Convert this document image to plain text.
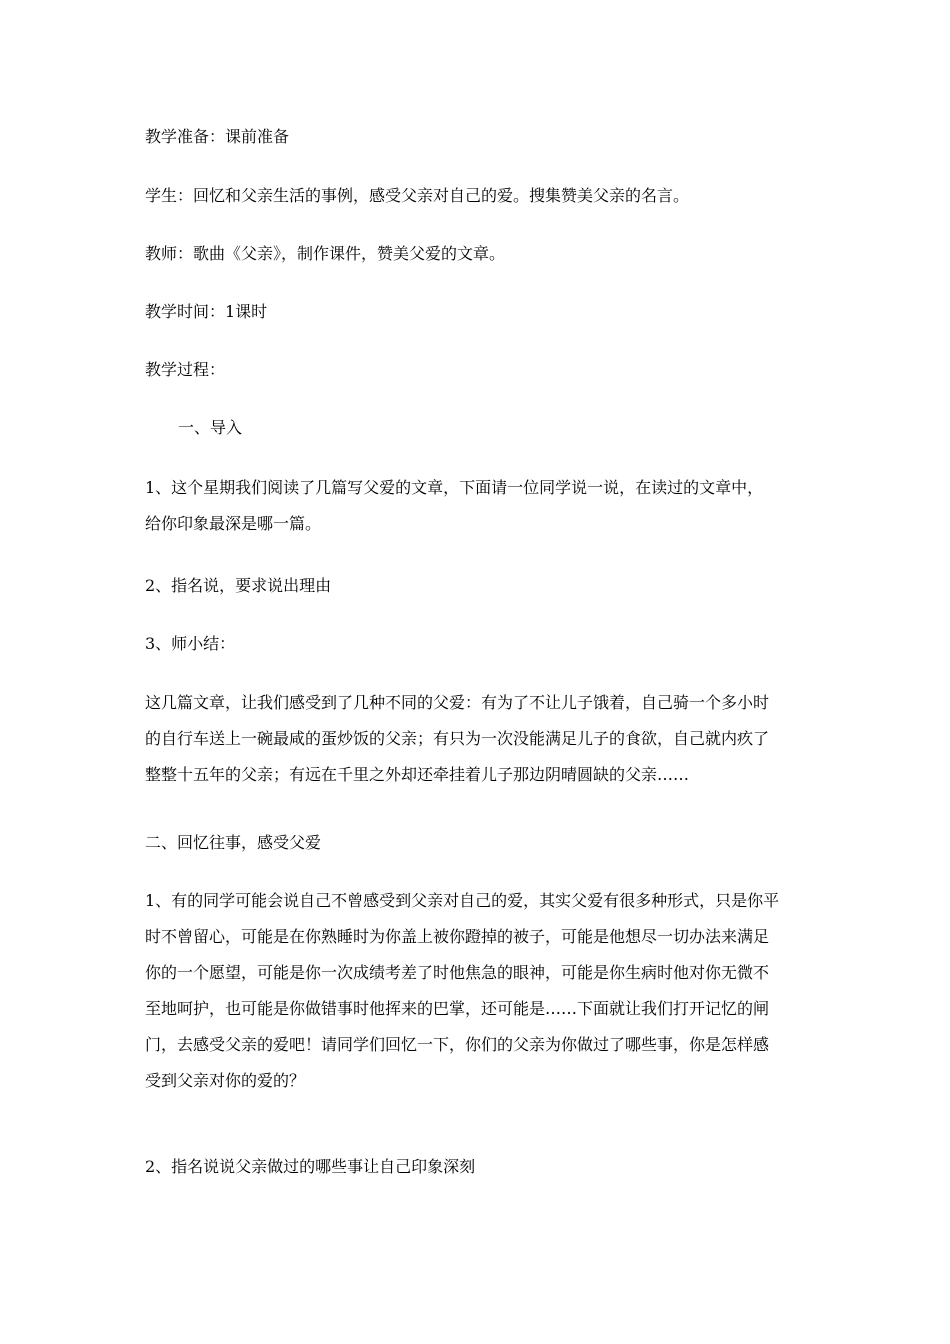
教学准备：课前准备
学生：回忆和父亲生活的事例，感受父亲对自己的爱。搜集赞美父亲的名言。
教师：歌曲《父亲》，制作课件，赞美父爱的文章。
教学时间：1课时
教学过程：
一、导入
1、这个星期我们阅读了几篇写父爱的文章，下面请一位同学说一说，在读过的文章中，
给你印象最深是哪一篇。
2、指名说，要求说出理由
3、师小结：
这几篇文章，让我们感受到了几种不同的父爱：有为了不让儿子饿着，自己骑一个多小时
的自行车送上一碗最咸的蛋炒饭的父亲；有只为一次没能满足儿子的食欲，自己就内疚了
整整十五年的父亲；有远在千里之外却还牵挂着儿子那边阴晴圆缺的父亲……
二、回忆往事，感受父爱
1、有的同学可能会说自己不曾感受到父亲对自己的爱，其实父爱有很多种形式，只是你平
时不曾留心，可能是在你熟睡时为你盖上被你蹬掉的被子，可能是他想尽一切办法来满足
你的一个愿望，可能是你一次成绩考差了时他焦急的眼神，可能是你生病时他对你无微不
至地呵护，也可能是你做错事时他挥来的巴掌，还可能是……下面就让我们打开记忆的闸
门，去感受父亲的爱吧！请同学们回忆一下，你们的父亲为你做过了哪些事，你是怎样感
受到父亲对你的爱的？
2、指名说说父亲做过的哪些事让自己印象深刻
